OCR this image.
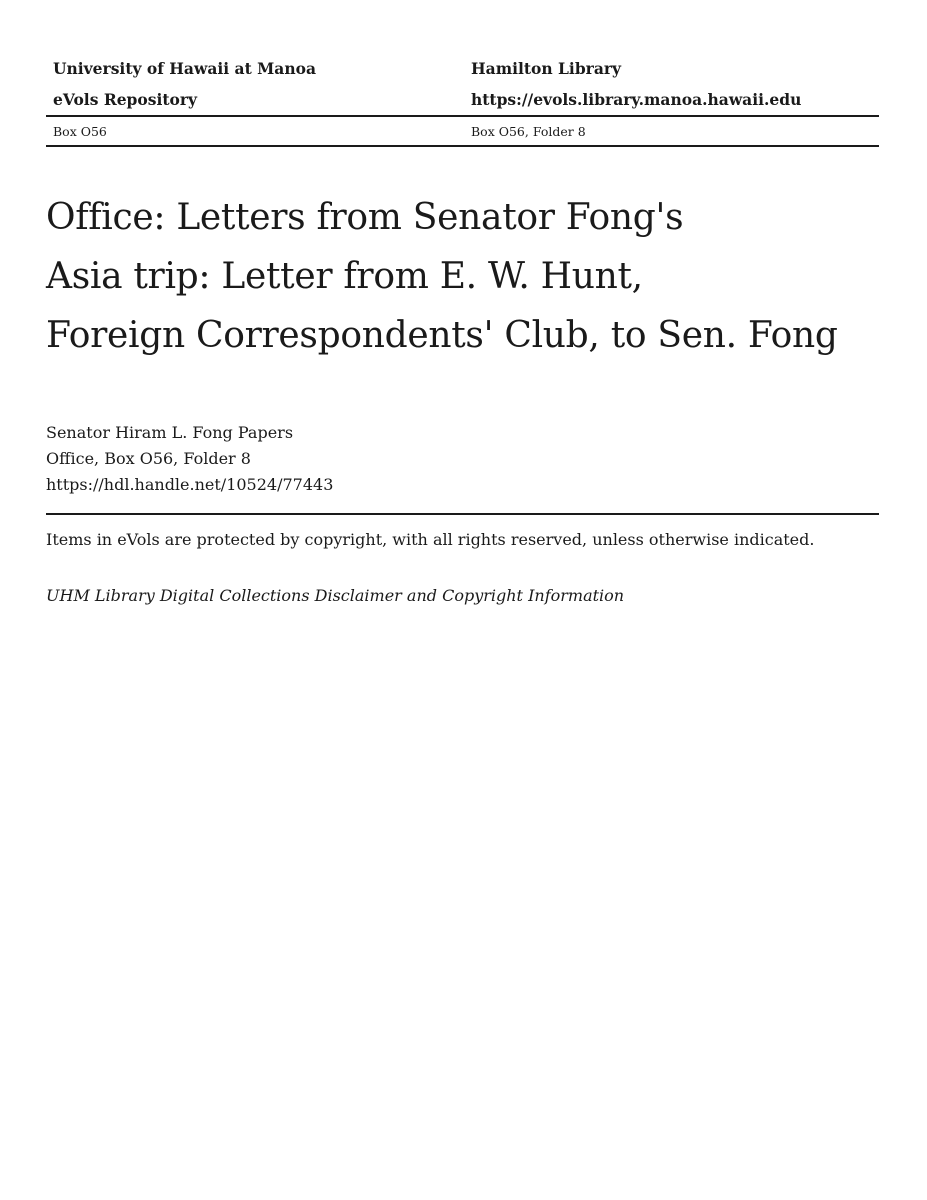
University of Hawaii at Manoa	Hamilton Library
eVols Repository	https://evols.library.manoa.hawaii.edu
Box O56	Box O56, Folder 8
Office: Letters from Senator Fong's
Asia trip: Letter from E. W. Hunt,
Foreign Correspondents' Club, to Sen. Fong
Senator Hiram L. Fong Papers
Office, Box O56, Folder 8
https://hdl.handle.net/10524/77443
Items in eVols are protected by copyright, with all rights reserved, unless otherwise indicated.
UHM Library Digital Collections Disclaimer and Copyright Information
